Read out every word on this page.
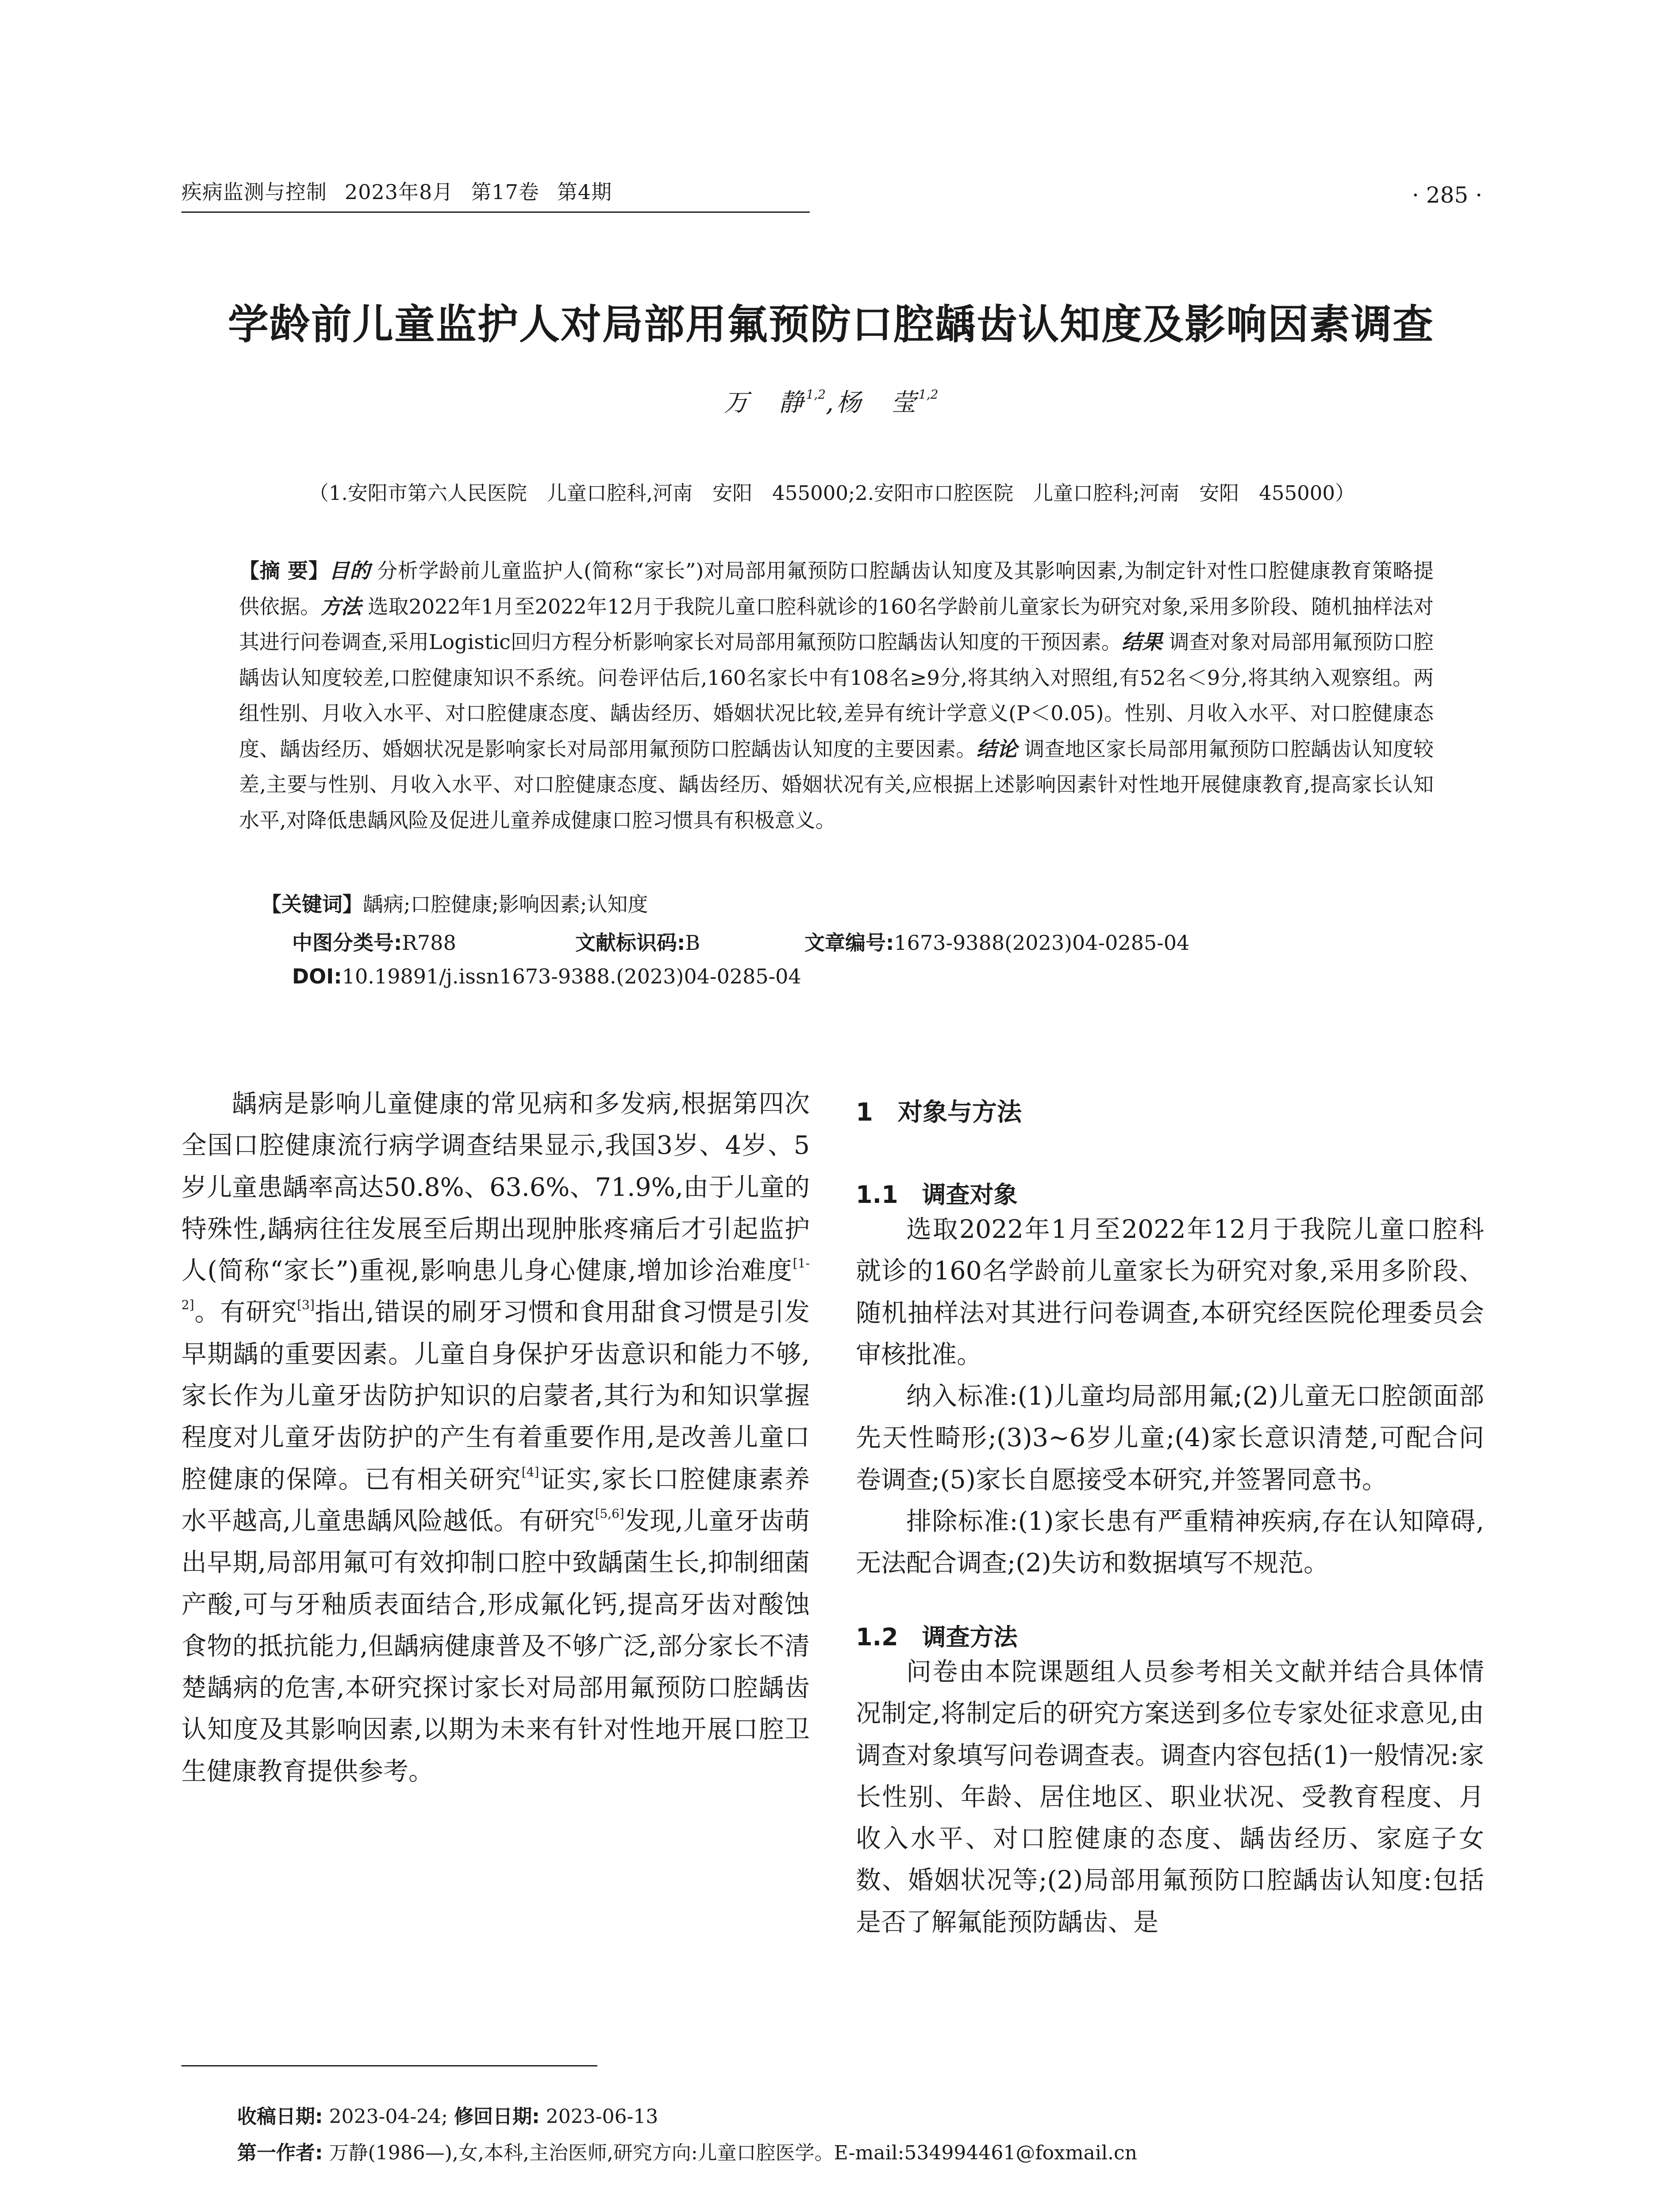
疾病监测与控制 2023年8月 第17卷 第4期	· 285 ·
学龄前儿童监护人对局部用氟预防口腔龋齿认知度及影响因素调查
万　静$^{1,2}$,杨　莹$^{1,2}$
（1.安阳市第六人民医院　儿童口腔科,河南　安阳　455000;2.安阳市口腔医院　儿童口腔科;河南　安阳　455000）
【摘 要】目的 分析学龄前儿童监护人(简称“家长”)对局部用氟预防口腔龋齿认知度及其影响因素,为制定针对性口腔健康教育策略提供依据。方法 选取2022年1月至2022年12月于我院儿童口腔科就诊的160名学龄前儿童家长为研究对象,采用多阶段、随机抽样法对其进行问卷调查,采用Logistic回归方程分析影响家长对局部用氟预防口腔龋齿认知度的干预因素。结果 调查对象对局部用氟预防口腔龋齿认知度较差,口腔健康知识不系统。问卷评估后,160名家长中有108名≥9分,将其纳入对照组,有52名＜9分,将其纳入观察组。两组性别、月收入水平、对口腔健康态度、龋齿经历、婚姻状况比较,差异有统计学意义(P＜0.05)。性别、月收入水平、对口腔健康态度、龋齿经历、婚姻状况是影响家长对局部用氟预防口腔龋齿认知度的主要因素。结论 调查地区家长局部用氟预防口腔龋齿认知度较差,主要与性别、月收入水平、对口腔健康态度、龋齿经历、婚姻状况有关,应根据上述影响因素针对性地开展健康教育,提高家长认知水平,对降低患龋风险及促进儿童养成健康口腔习惯具有积极意义。
【关键词】龋病;口腔健康;影响因素;认知度
中图分类号:R788	文献标识码:B	文章编号:1673-9388(2023)04-0285-04
DOI:10.19891/j.issn1673-9388.(2023)04-0285-04

龋病是影响儿童健康的常见病和多发病,根据第四次全国口腔健康流行病学调查结果显示,我国3岁、4岁、5岁儿童患龋率高达50.8%、63.6%、71.9%,由于儿童的特殊性,龋病往往发展至后期出现肿胀疼痛后才引起监护人(简称“家长”)重视,影响患儿身心健康,增加诊治难度[1-2]。有研究[3]指出,错误的刷牙习惯和食用甜食习惯是引发早期龋的重要因素。儿童自身保护牙齿意识和能力不够,家长作为儿童牙齿防护知识的启蒙者,其行为和知识掌握程度对儿童牙齿防护的产生有着重要作用,是改善儿童口腔健康的保障。已有相关研究[4]证实,家长口腔健康素养水平越高,儿童患龋风险越低。有研究[5,6]发现,儿童牙齿萌出早期,局部用氟可有效抑制口腔中致龋菌生长,抑制细菌产酸,可与牙釉质表面结合,形成氟化钙,提高牙齿对酸蚀食物的抵抗能力,但龋病健康普及不够广泛,部分家长不清楚龋病的危害,本研究探讨家长对局部用氟预防口腔龋齿认知度及其影响因素,以期为未来有针对性地开展口腔卫生健康教育提供参考。

1　对象与方法
1.1　调查对象

选取2022年1月至2022年12月于我院儿童口腔科就诊的160名学龄前儿童家长为研究对象,采用多阶段、随机抽样法对其进行问卷调查,本研究经医院伦理委员会审核批准。

纳入标准:(1)儿童均局部用氟;(2)儿童无口腔颌面部先天性畸形;(3)3~6岁儿童;(4)家长意识清楚,可配合问卷调查;(5)家长自愿接受本研究,并签署同意书。

排除标准:(1)家长患有严重精神疾病,存在认知障碍,无法配合调查;(2)失访和数据填写不规范。

1.2　调查方法

问卷由本院课题组人员参考相关文献并结合具体情况制定,将制定后的研究方案送到多位专家处征求意见,由调查对象填写问卷调查表。调查内容包括(1)一般情况:家长性别、年龄、居住地区、职业状况、受教育程度、月收入水平、对口腔健康的态度、龋齿经历、家庭子女数、婚姻状况等;(2)局部用氟预防口腔龋齿认知度:包括是否了解氟能预防龋齿、是

收稿日期: 2023-04-24; 修回日期: 2023-06-13
第一作者: 万静(1986—),女,本科,主治医师,研究方向:儿童口腔医学。E-mail:534994461@foxmail.cn
